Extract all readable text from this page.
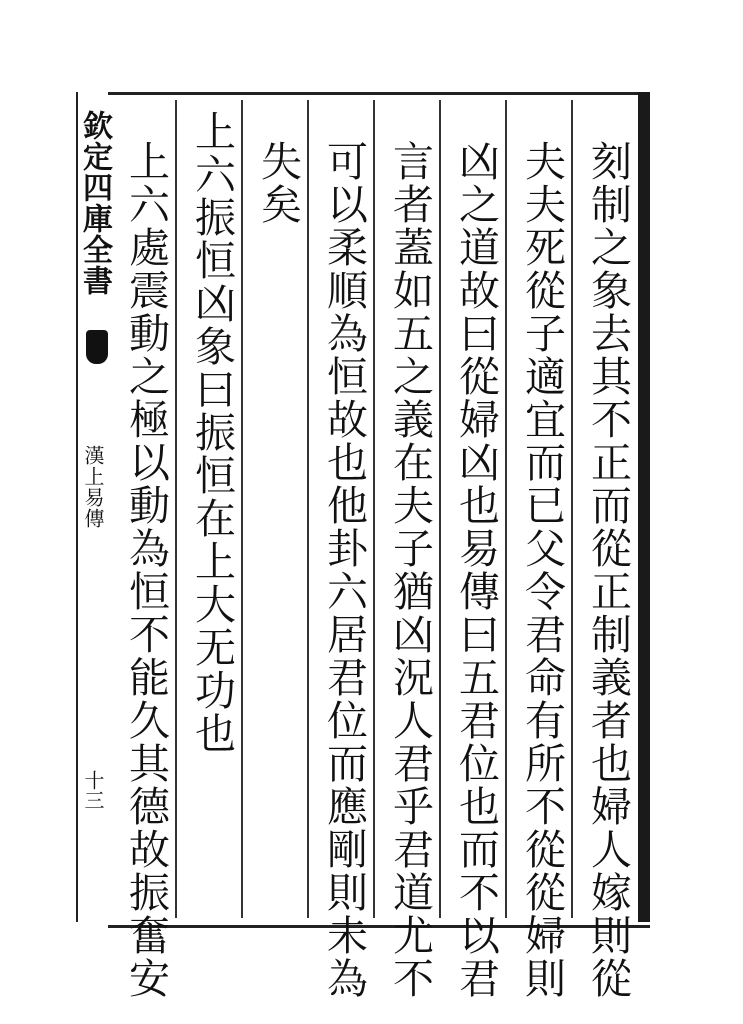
欽定四庫全書
漢上易傳
十三	刻制之象去其不正而從正制義者也婦人嫁則從
夫夫死從子適宜而已父令君命有所不從從婦則
凶之道故曰從婦凶也易傳曰五君位也而不以君
言者蓋如五之義在夫子猶凶況人君乎君道尤不
可以柔順為恒故也他卦六居君位而應剛則未為
失矣
上六振恒凶象曰振恒在上大无功也
上六處震動之極以動為恒不能久其德故振奮安
